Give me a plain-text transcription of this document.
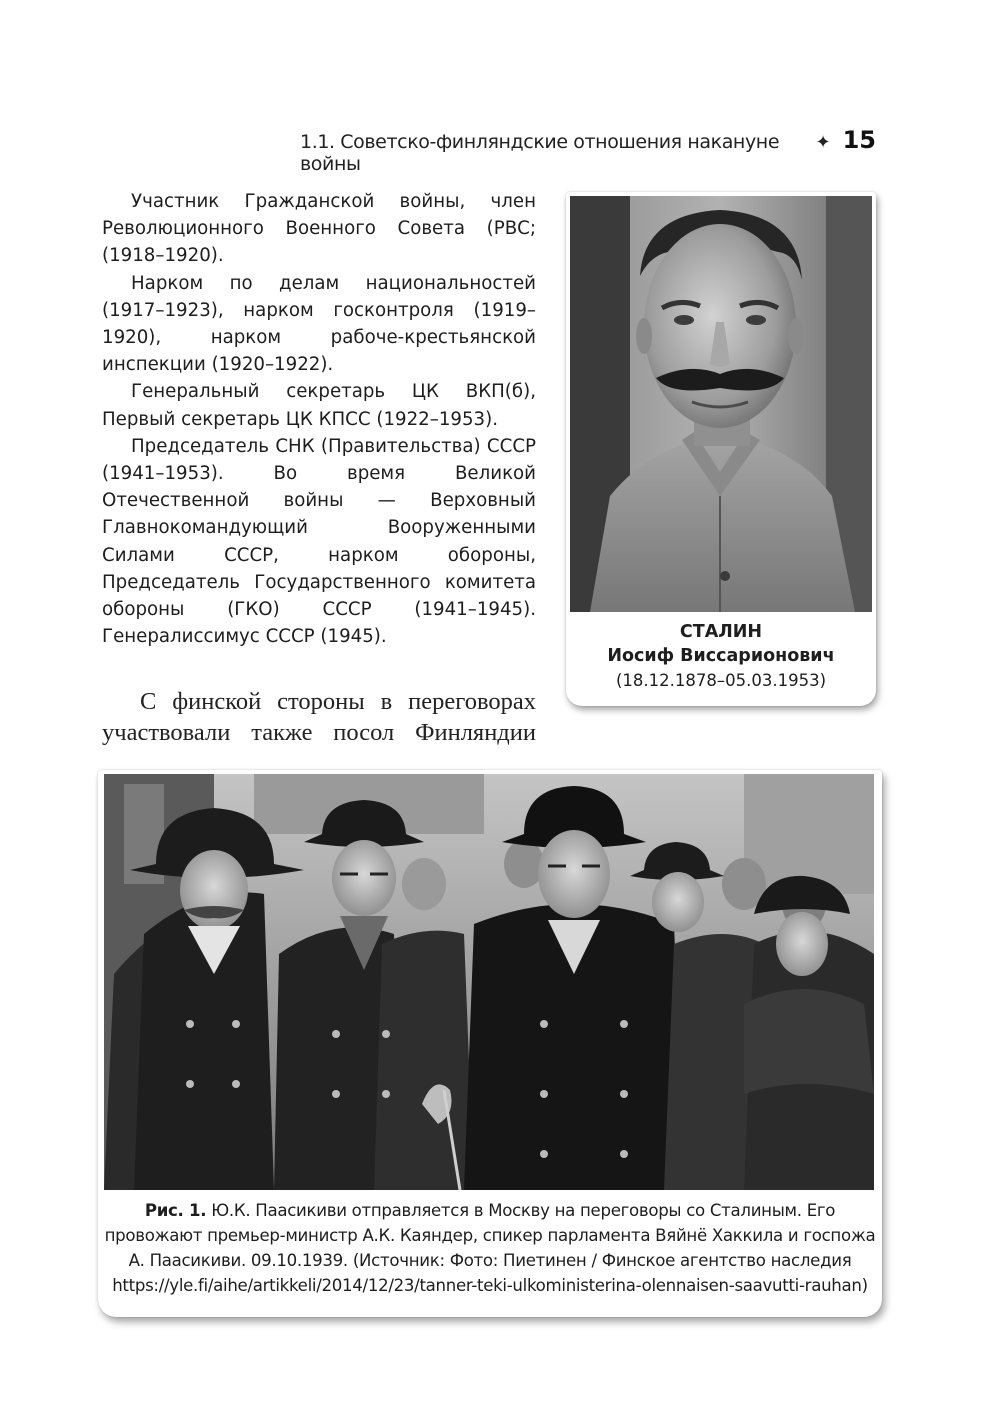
1.1. Советско-финляндские отношения накануне войны
✦ 15

Участник Гражданской войны, член Революционного Военного Совета (РВС; (1918–1920).

Нарком по делам национальностей (1917–1923), нарком госконтроля (1919–1920), нарком рабоче-крестьянской инспекции (1920–1922).

Генеральный секретарь ЦК ВКП(б), Первый секретарь ЦК КПСС (1922–1953).

Председатель СНК (Правительства) СССР (1941–1953). Во время Великой Отечественной войны — Верховный Главнокомандующий Вооруженными Силами СССР, нарком обороны, Председатель Государственного комитета обороны (ГКО) СССР (1941–1945). Генералиссимус СССР (1945).

С финской стороны в переговорах участвовали также посол Финляндии

СТАЛИН
Иосиф Виссарионович
(18.12.1878–05.03.1953)
Рис. 1. Ю.К. Паасикиви отправляется в Москву на переговоры со Сталиным. Его провожают премьер-министр А.К. Каяндер, спикер парламента Вяйнё Хаккила и госпожа А. Паасикиви. 09.10.1939. (Источник: Фото: Пиетинен / Финское агентство наследия https://yle.fi/aihe/artikkeli/2014/12/23/tanner-teki-ulkoministerina-olennaisen-saavutti-rauhan)
